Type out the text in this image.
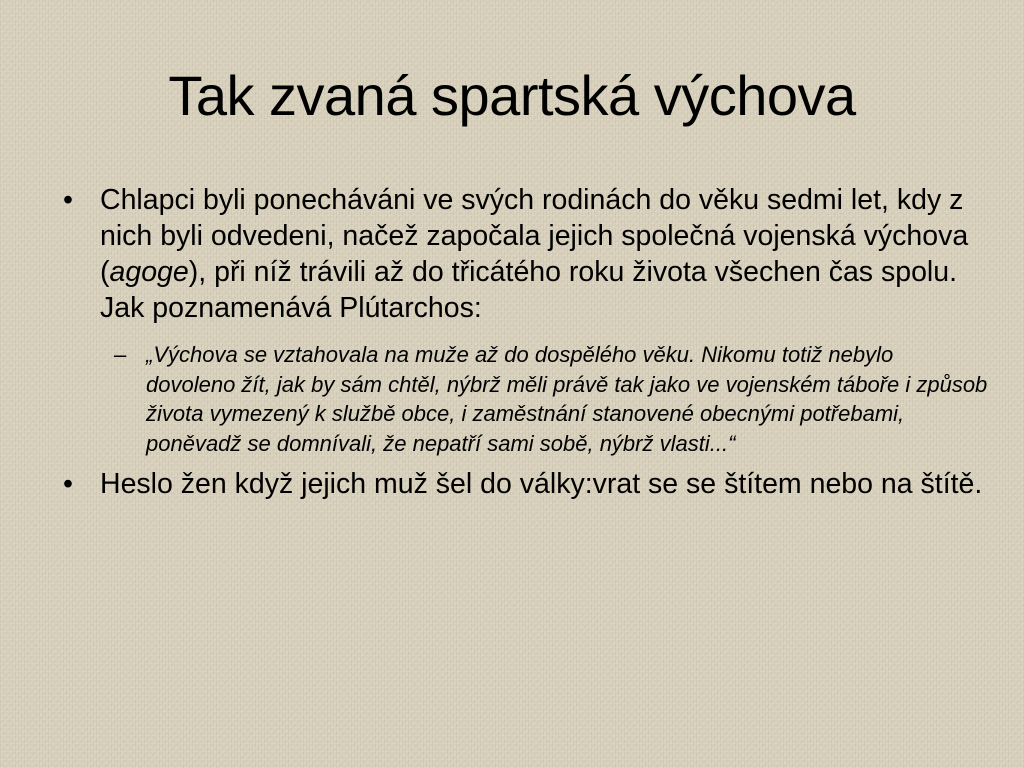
Tak zvaná spartská výchova
• Chlapci byli ponecháváni ve svých rodinách do věku sedmi let, kdy z nich byli odvedeni, načež započala jejich společná vojenská výchova (agoge), při níž trávili až do třicátého roku života všechen čas spolu. Jak poznamenává Plútarchos:
– „Výchova se vztahovala na muže až do dospělého věku. Nikomu totiž nebylo dovoleno žít, jak by sám chtěl, nýbrž měli právě tak jako ve vojenském táboře i způsob života vymezený k službě obce, i zaměstnání stanovené obecnými potřebami, poněvadž se domnívali, že nepatří sami sobě, nýbrž vlasti...“
• Heslo žen když jejich muž šel do války:vrat se se štítem nebo na štítě.
